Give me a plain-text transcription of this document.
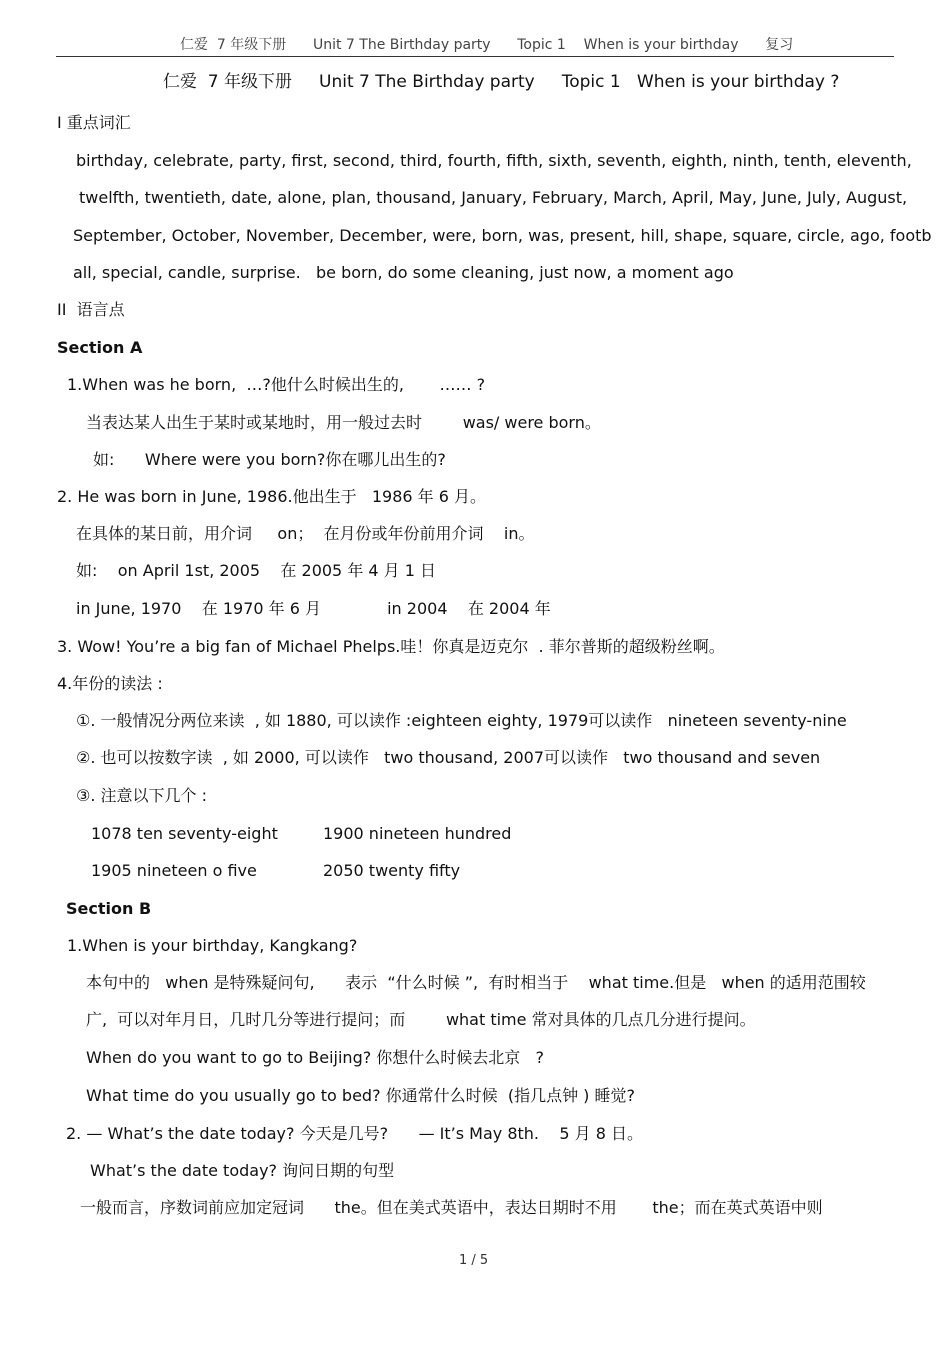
仁爱  7 年级下册      Unit 7 The Birthday party      Topic 1    When is your birthday      复习
仁爱  7 年级下册     Unit 7 The Birthday party     Topic 1   When is your birthday ?
I 重点词汇
birthday, celebrate, party, first, second, third, fourth, fifth, sixth, seventh, eighth, ninth, tenth, eleventh,
twelfth, twentieth, date, alone, plan, thousand, January, February, March, April, May, June, July, August,
September, October, November, December, were, born, was, present, hill, shape, square, circle, ago, footb
all, special, candle, surprise.   be born, do some cleaning, just now, a moment ago
II  语言点
Section A
1.When was he born,  …?他什么时候出生的,       …… ?
当表达某人出生于某时或某地时，用一般过去时        was/ were born。
如:      Where were you born?你在哪儿出生的?
2. He was born in June, 1986.他出生于   1986 年 6 月。
在具体的某日前，用介词     on；  在月份或年份前用介词    in。
如:    on April 1st, 2005    在 2005 年 4 月 1 日
in June, 1970    在 1970 年 6 月             in 2004    在 2004 年
3. Wow! You’re a big fan of Michael Phelps.哇！你真是迈克尔  . 菲尔普斯的超级粉丝啊。
4.年份的读法 :
①. 一般情况分两位来读  , 如 1880, 可以读作 :eighteen eighty, 1979可以读作   nineteen seventy-nine
②. 也可以按数字读  , 如 2000, 可以读作   two thousand, 2007可以读作   two thousand and seven
③. 注意以下几个 :
1078 ten seventy-eight	1900 nineteen hundred
1905 nineteen o five	2050 twenty fifty
Section B
1.When is your birthday, Kangkang?
本句中的   when 是特殊疑问句,      表示  “什么时候 ”,  有时相当于    what time.但是   when 的适用范围较
广,  可以对年月日，几时几分等进行提问；而        what time 常对具体的几点几分进行提问。
When do you want to go to Beijing? 你想什么时候去北京   ?
What time do you usually go to bed? 你通常什么时候  (指几点钟 ) 睡觉?
2. — What’s the date today? 今天是几号?      — It’s May 8th.    5 月 8 日。
What’s the date today? 询问日期的句型
一般而言，序数词前应加定冠词      the。但在美式英语中，表达日期时不用       the；而在英式英语中则
1 / 5
